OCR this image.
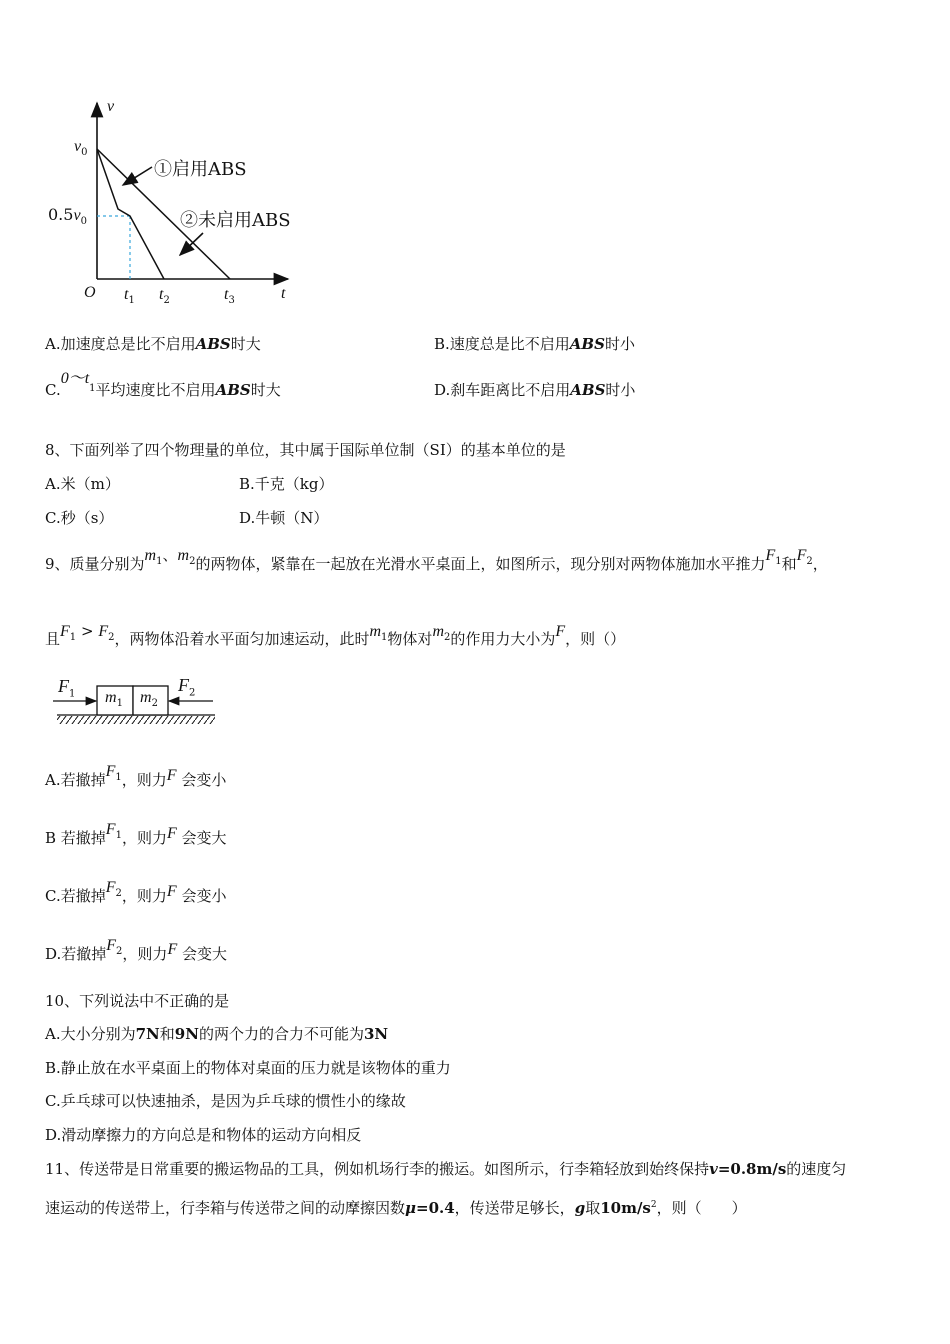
v
t
O
$v_0$
$0.5v_0$
$t_1$ $t_2$	$t_3$
①启用ABS
②未启用ABS
A.加速度总是比不启用ABS时大	B.速度总是比不启用ABS时小
$C.0\sim t_1$平均速度比不启用ABS时大	D.刹车距离比不启用ABS时小
8、下面列举了四个物理量的单位，其中属于国际单位制（SI）的基本单位的是
A.米（m）	B.千克（kg）
C.秒（s）	D.牛顿（N）
9、质量分别为$m_1$、$m_2$的两物体，紧靠在一起放在光滑水平桌面上，如图所示，现分别对两物体施加水平推力$F_1$和$F_2$，
且$F_1 > F_2$，两物体沿着水平面匀加速运动，此时$m_1$物体对$m_2$的作用力大小为F，则（）
$F_1$ $m_1$ $m_2$
$F_2$
A.若撤掉$F_1$，则力F 会变小
B 若撤掉$F_1$，则力F 会变大
C.若撤掉$F_2$，则力F 会变小
D.若撤掉$F_2$，则力F 会变大
10、下列说法中不正确的是
A.大小分别为7N和9N的两个力的合力不可能为3N
B.静止放在水平桌面上的物体对桌面的压力就是该物体的重力
C.乒乓球可以快速抽杀，是因为乒乓球的惯性小的缘故
D.滑动摩擦力的方向总是和物体的运动方向相反
11、传送带是日常重要的搬运物品的工具，例如机场行李的搬运。如图所示，行李箱轻放到始终保持v=0.8m/s的速度匀
速运动的传送带上，行李箱与传送带之间的动摩擦因数μ=0.4，传送带足够长，g取$10m/s^2$，则（　　）
